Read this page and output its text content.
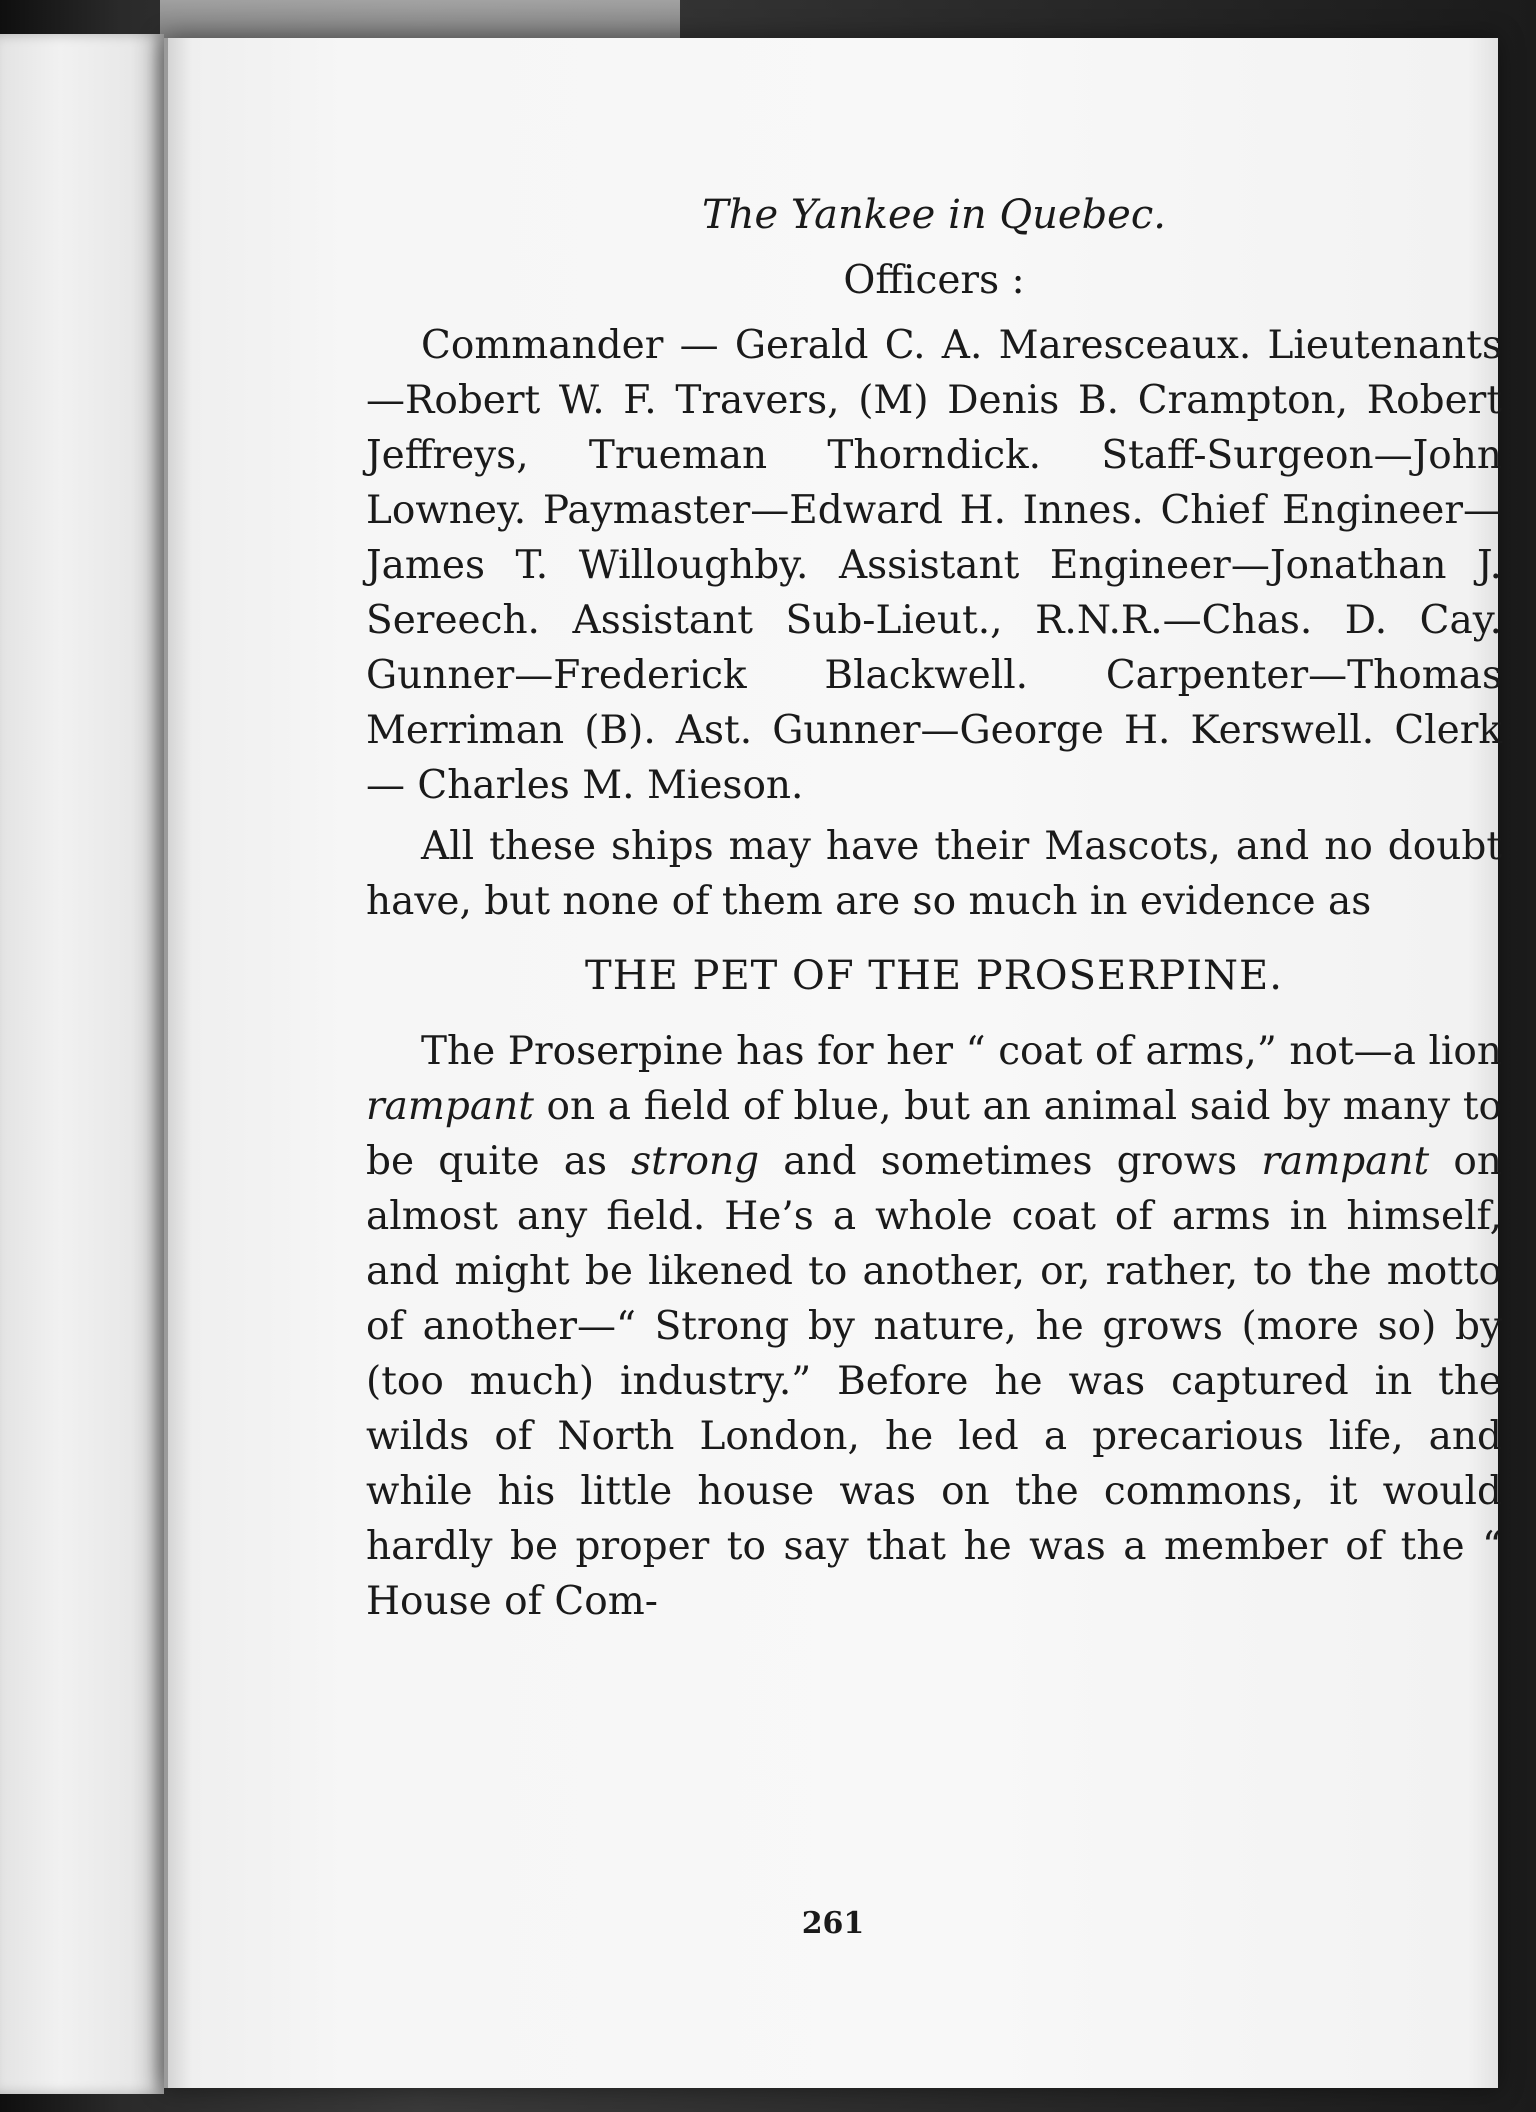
The Yankee in Quebec.
Officers :

Commander — Gerald C. A. Maresceaux. Lieutenants—Robert W. F. Travers, (M) Denis B. Crampton, Robert Jeffreys, Trueman Thorndick. Staff-Surgeon—John Lowney. Paymaster—Edward H. Innes. Chief Engineer—James T. Willoughby. Assistant Engineer—Jonathan J. Sereech. Assistant Sub-Lieut., R.N.R.—Chas. D. Cay. Gunner—Frederick Blackwell. Carpenter—Thomas Merriman (B). Ast. Gunner—George H. Kerswell. Clerk — Charles M. Mieson.

All these ships may have their Mascots, and no doubt have, but none of them are so much in evidence as

THE PET OF THE PROSERPINE.

The Proserpine has for her “ coat of arms,” not—a lion rampant on a field of blue, but an animal said by many to be quite as strong and sometimes grows rampant on almost any field. He’s a whole coat of arms in himself, and might be likened to another, or, rather, to the motto of another—“ Strong by nature, he grows (more so) by (too much) industry.” Before he was captured in the wilds of North London, he led a precarious life, and while his little house was on the commons, it would hardly be proper to say that he was a member of the “ House of Com-

261
